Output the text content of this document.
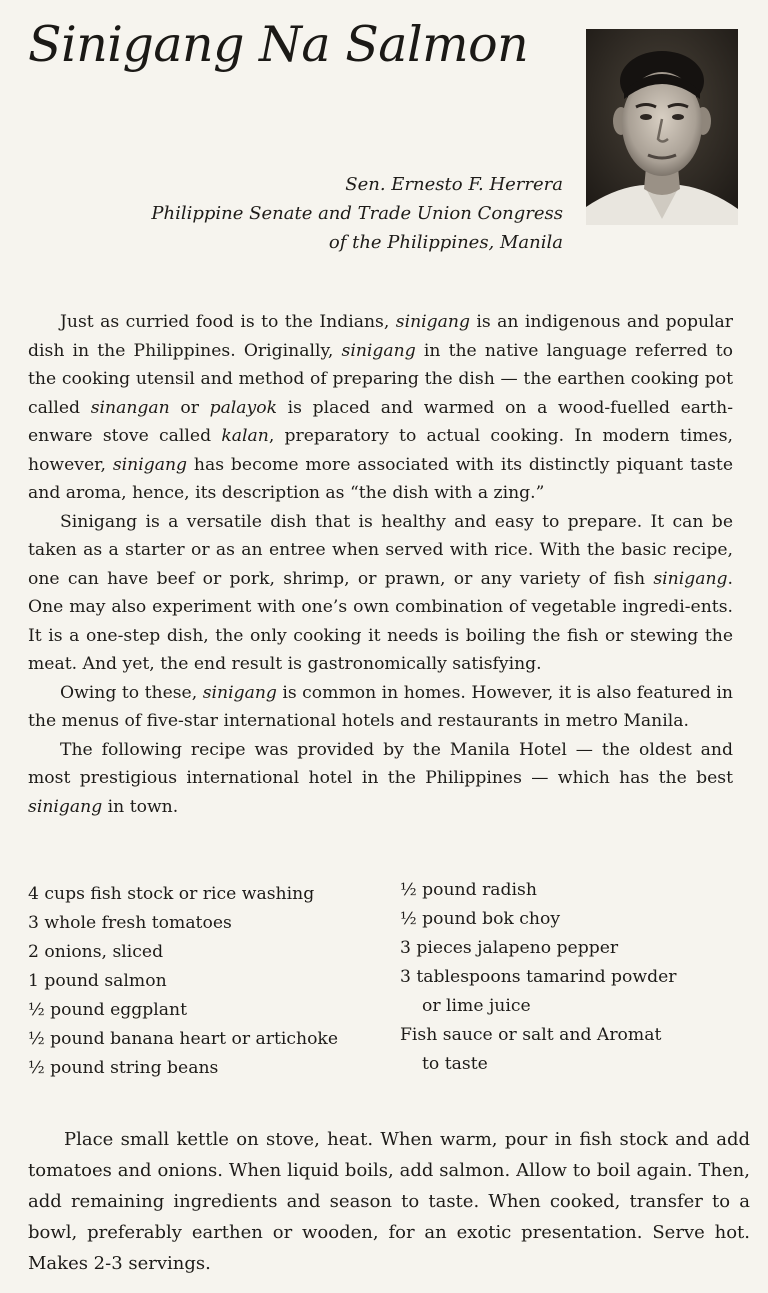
Sinigang Na Salmon
Sen. Ernesto F. Herrera
Philippine Senate and Trade Union Congress
of the Philippines, Manila

Just as curried food is to the Indians, sinigang is an indigenous and popular dish in the Philippines. Originally, sinigang in the native language referred to the cooking utensil and method of preparing the dish — the earthen cooking pot called sinangan or palayok is placed and warmed on a wood-fuelled earth-enware stove called kalan, preparatory to actual cooking. In modern times, however, sinigang has become more associated with its distinctly piquant taste and aroma, hence, its description as “the dish with a zing.”

Sinigang is a versatile dish that is healthy and easy to prepare. It can be taken as a starter or as an entree when served with rice. With the basic recipe, one can have beef or pork, shrimp, or prawn, or any variety of fish sinigang. One may also experiment with one’s own combination of vegetable ingredi-ents. It is a one-step dish, the only cooking it needs is boiling the fish or stewing the meat. And yet, the end result is gastronomically satisfying.

Owing to these, sinigang is common in homes. However, it is also featured in the menus of five-star international hotels and restaurants in metro Manila.

The following recipe was provided by the Manila Hotel — the oldest and most prestigious international hotel in the Philippines — which has the best sinigang in town.

4 cups fish stock or rice washing
3 whole fresh tomatoes
2 onions, sliced
1 pound salmon
½ pound eggplant
½ pound banana heart or artichoke
½ pound string beans
½ pound radish
½ pound bok choy
3 pieces jalapeno pepper
3 tablespoons tamarind powder
or lime juice
Fish sauce or salt and Aromat
to taste

Place small kettle on stove, heat. When warm, pour in fish stock and add tomatoes and onions. When liquid boils, add salmon. Allow to boil again. Then, add remaining ingredients and season to taste. When cooked, transfer to a bowl, preferably earthen or wooden, for an exotic presentation. Serve hot. Makes 2-3 servings.
